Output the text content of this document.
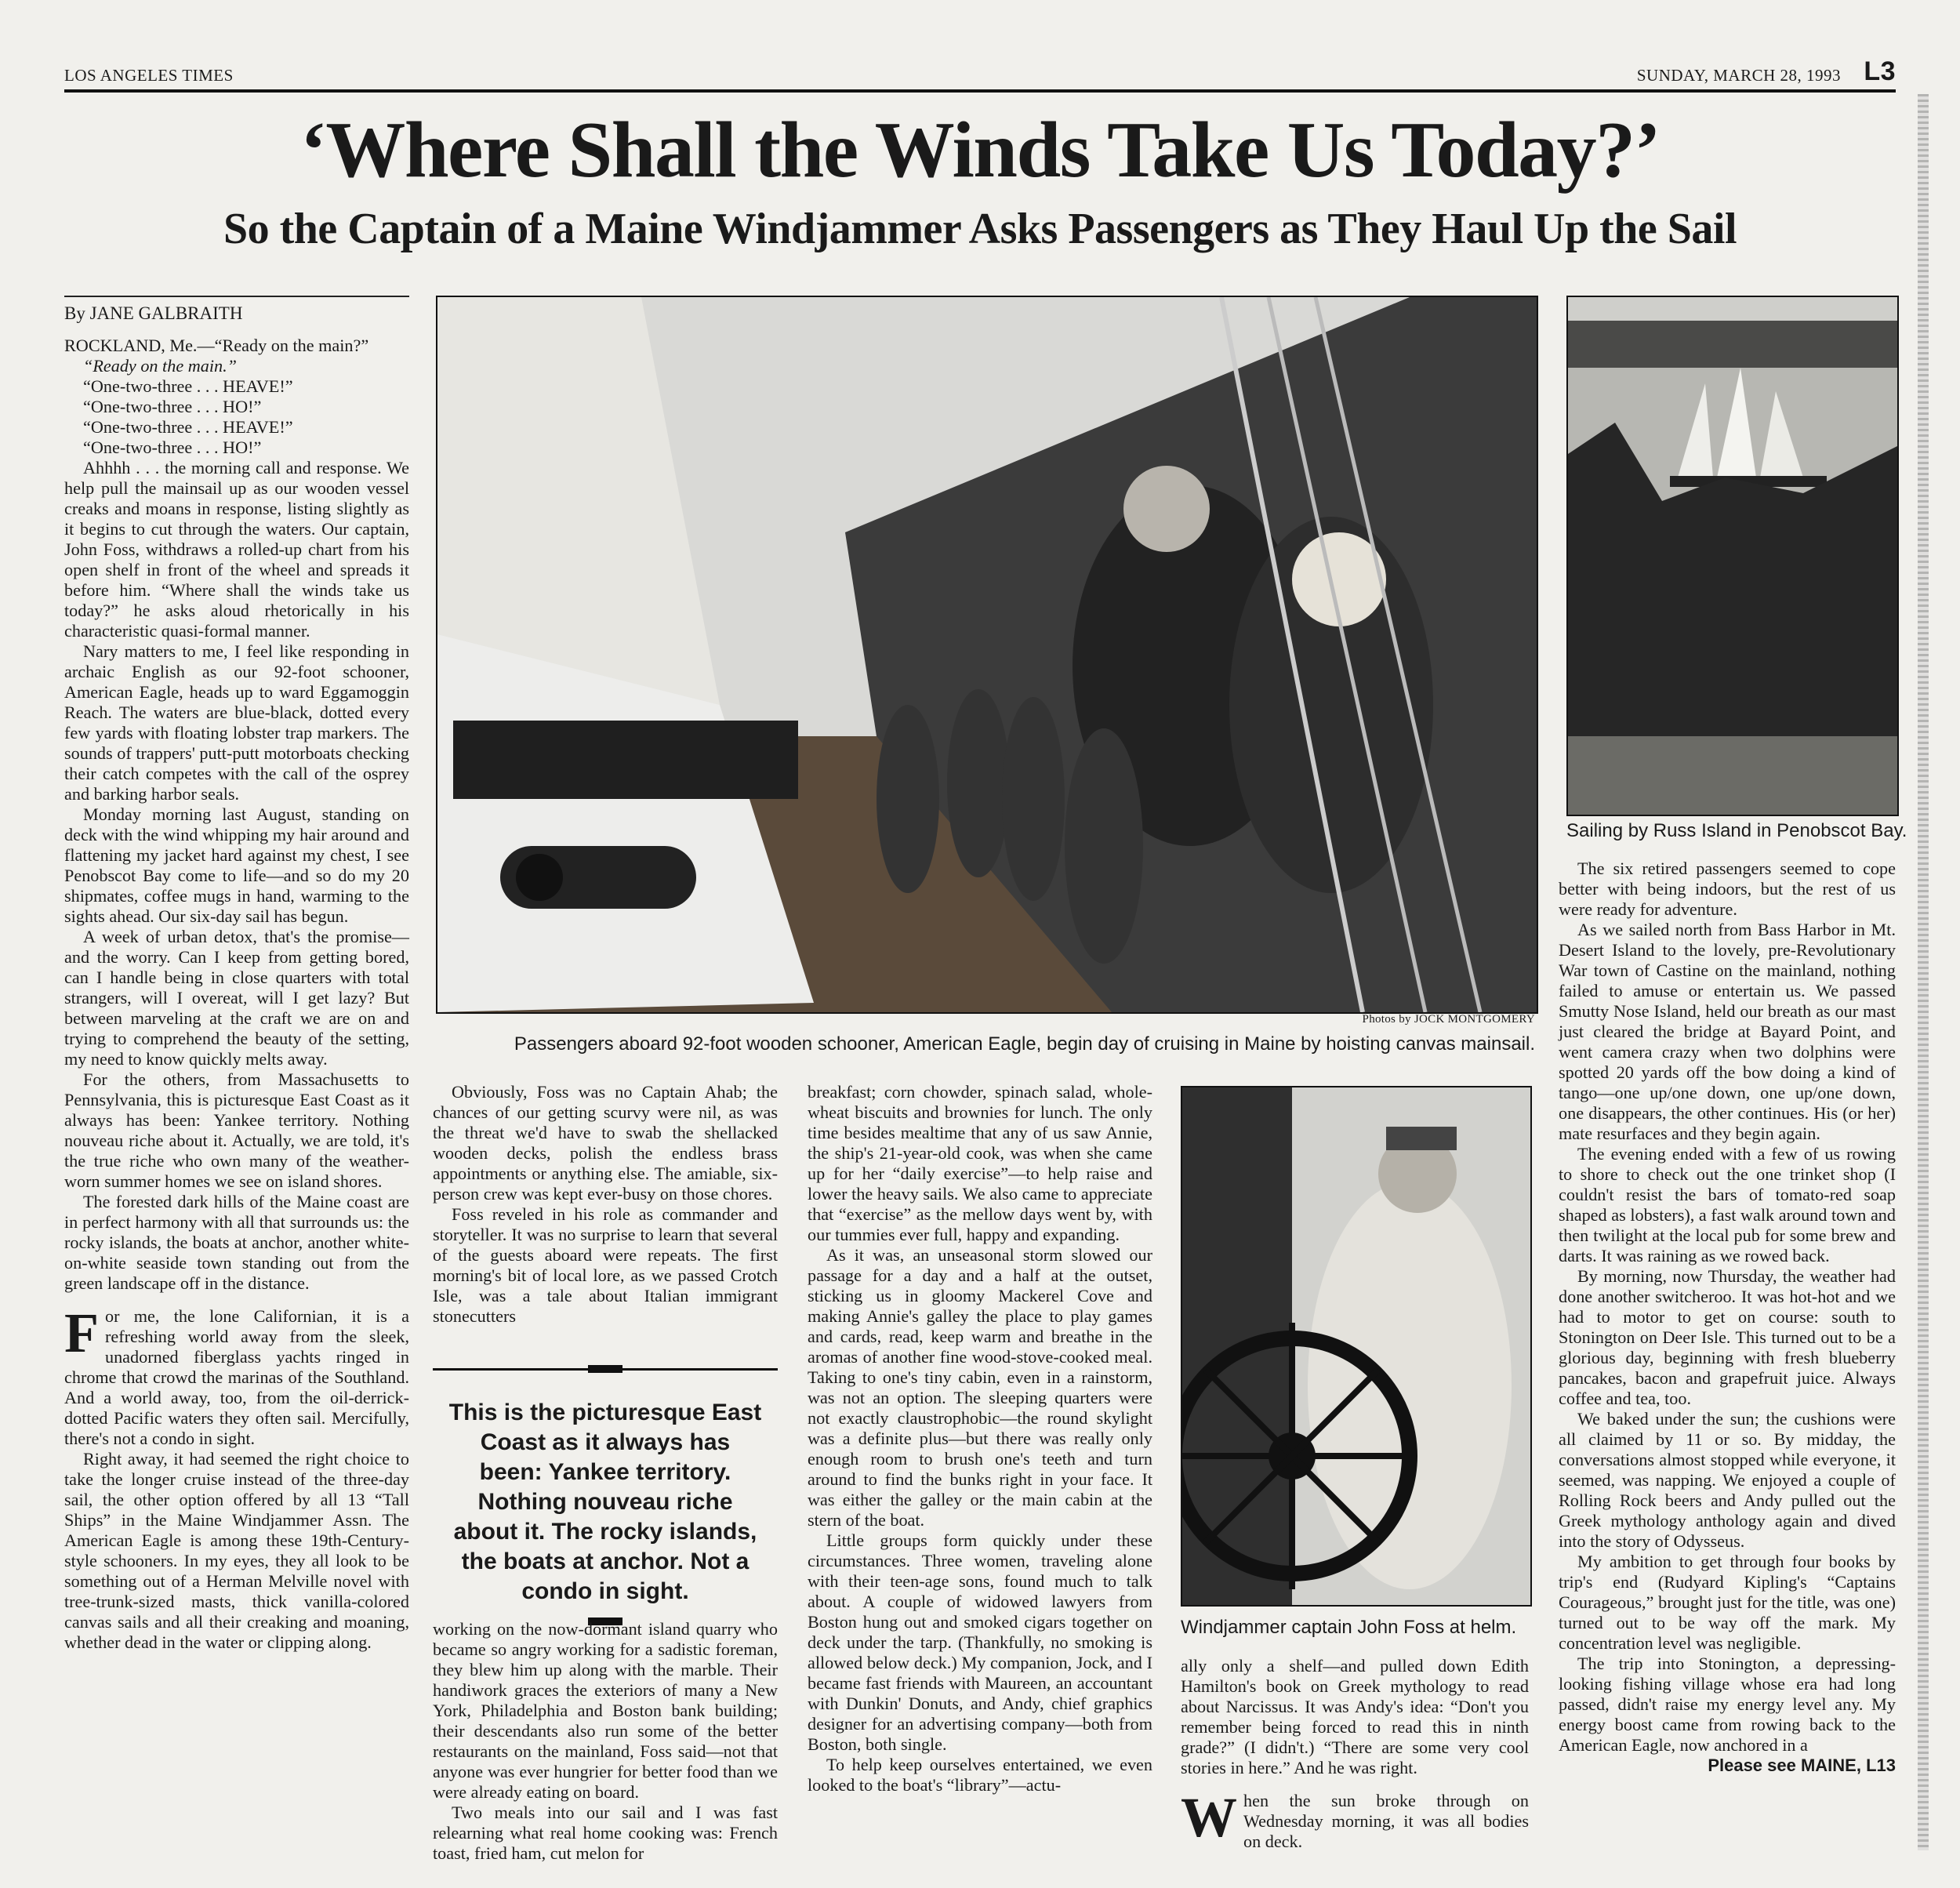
LOS ANGELES TIMES	SUNDAY, MARCH 28, 1993 L3
‘Where Shall the Winds Take Us Today?’
So the Captain of a Maine Windjammer Asks Passengers as They Haul Up the Sail
By JANE GALBRAITH

ROCKLAND, Me.—“Ready on the main?”

“Ready on the main.”

“One-two-three . . . HEAVE!”

“One-two-three . . . HO!”

“One-two-three . . . HEAVE!”

“One-two-three . . . HO!”

Ahhhh . . . the morning call and response. We help pull the mainsail up as our wooden vessel creaks and moans in response, listing slightly as it begins to cut through the waters. Our captain, John Foss, withdraws a rolled-up chart from his open shelf in front of the wheel and spreads it before him. “Where shall the winds take us today?” he asks aloud rhetorically in his characteristic quasi-formal manner.

Nary matters to me, I feel like responding in archaic English as our 92-foot schooner, American Eagle, heads up to ward Eggamoggin Reach. The waters are blue-black, dotted every few yards with floating lobster trap markers. The sounds of trappers' putt-putt motorboats checking their catch competes with the call of the osprey and barking harbor seals.

Monday morning last August, standing on deck with the wind whipping my hair around and flattening my jacket hard against my chest, I see Penobscot Bay come to life—and so do my 20 shipmates, coffee mugs in hand, warming to the sights ahead. Our six-day sail has begun.

A week of urban detox, that's the promise—and the worry. Can I keep from getting bored, can I handle being in close quarters with total strangers, will I overeat, will I get lazy? But between marveling at the craft we are on and trying to comprehend the beauty of the setting, my need to know quickly melts away.

For the others, from Massachusetts to Pennsylvania, this is picturesque East Coast as it always has been: Yankee territory. Nothing nouveau riche about it. Actually, we are told, it's the true riche who own many of the weather-worn summer homes we see on island shores.

The forested dark hills of the Maine coast are in perfect harmony with all that surrounds us: the rocky islands, the boats at anchor, another white-on-white seaside town standing out from the green landscape off in the distance.

For me, the lone Californian, it is a refreshing world away from the sleek, unadorned fiberglass yachts ringed in chrome that crowd the marinas of the Southland. And a world away, too, from the oil-derrick-dotted Pacific waters they often sail. Mercifully, there's not a condo in sight.

Right away, it had seemed the right choice to take the longer cruise instead of the three-day sail, the other option offered by all 13 “Tall Ships” in the Maine Windjammer Assn. The American Eagle is among these 19th-Century-style schooners. In my eyes, they all look to be something out of a Herman Melville novel with tree-trunk-sized masts, thick vanilla-colored canvas sails and all their creaking and moaning, whether dead in the water or clipping along.

Photos by JOCK MONTGOMERY
Passengers aboard 92-foot wooden schooner, American Eagle, begin day of cruising in Maine by hoisting canvas mainsail.
Sailing by Russ Island in Penobscot Bay.

Obviously, Foss was no Captain Ahab; the chances of our getting scurvy were nil, as was the threat we'd have to swab the shellacked wooden decks, polish the endless brass appointments or anything else. The amiable, six-person crew was kept ever-busy on those chores.

Foss reveled in his role as commander and storyteller. It was no surprise to learn that several of the guests aboard were repeats. The first morning's bit of local lore, as we passed Crotch Isle, was a tale about Italian immigrant stonecutters

This is the picturesque East Coast as it always has been: Yankee territory. Nothing nouveau riche about it. The rocky islands, the boats at anchor. Not a condo in sight.

working on the now-dormant island quarry who became so angry working for a sadistic foreman, they blew him up along with the marble. Their handiwork graces the exteriors of many a New York, Philadelphia and Boston bank building; their descendants also run some of the better restaurants on the mainland, Foss said—not that anyone was ever hungrier for better food than we were already eating on board.

Two meals into our sail and I was fast relearning what real home cooking was: French toast, fried ham, cut melon for

breakfast; corn chowder, spinach salad, whole-wheat biscuits and brownies for lunch. The only time besides mealtime that any of us saw Annie, the ship's 21-year-old cook, was when she came up for her “daily exercise”—to help raise and lower the heavy sails. We also came to appreciate that “exercise” as the mellow days went by, with our tummies ever full, happy and expanding.

As it was, an unseasonal storm slowed our passage for a day and a half at the outset, sticking us in gloomy Mackerel Cove and making Annie's galley the place to play games and cards, read, keep warm and breathe in the aromas of another fine wood-stove-cooked meal. Taking to one's tiny cabin, even in a rainstorm, was not an option. The sleeping quarters were not exactly claustrophobic—the round skylight was a definite plus—but there was really only enough room to brush one's teeth and turn around to find the bunks right in your face. It was either the galley or the main cabin at the stern of the boat.

Little groups form quickly under these circumstances. Three women, traveling alone with their teen-age sons, found much to talk about. A couple of widowed lawyers from Boston hung out and smoked cigars together on deck under the tarp. (Thankfully, no smoking is allowed below deck.) My companion, Jock, and I became fast friends with Maureen, an accountant with Dunkin' Donuts, and Andy, chief graphics designer for an advertising company—both from Boston, both single.

To help keep ourselves entertained, we even looked to the boat's “library”—actu-

Windjammer captain John Foss at helm.

ally only a shelf—and pulled down Edith Hamilton's book on Greek mythology to read about Narcissus. It was Andy's idea: “Don't you remember being forced to read this in ninth grade?” (I didn't.) “There are some very cool stories in here.” And he was right.

When the sun broke through on Wednesday morning, it was all bodies on deck.

The six retired passengers seemed to cope better with being indoors, but the rest of us were ready for adventure.

As we sailed north from Bass Harbor in Mt. Desert Island to the lovely, pre-Revolutionary War town of Castine on the mainland, nothing failed to amuse or entertain us. We passed Smutty Nose Island, held our breath as our mast just cleared the bridge at Bayard Point, and went camera crazy when two dolphins were spotted 20 yards off the bow doing a kind of tango—one up/one down, one up/one down, one disappears, the other continues. His (or her) mate resurfaces and they begin again.

The evening ended with a few of us rowing to shore to check out the one trinket shop (I couldn't resist the bars of tomato-red soap shaped as lobsters), a fast walk around town and then twilight at the local pub for some brew and darts. It was raining as we rowed back.

By morning, now Thursday, the weather had done another switcheroo. It was hot-hot and we had to motor to get on course: south to Stonington on Deer Isle. This turned out to be a glorious day, beginning with fresh blueberry pancakes, bacon and grapefruit juice. Always coffee and tea, too.

We baked under the sun; the cushions were all claimed by 11 or so. By midday, the conversations almost stopped while everyone, it seemed, was napping. We enjoyed a couple of Rolling Rock beers and Andy pulled out the Greek mythology anthology again and dived into the story of Odysseus.

My ambition to get through four books by trip's end (Rudyard Kipling's “Captains Courageous,” brought just for the title, was one) turned out to be way off the mark. My concentration level was negligible.

The trip into Stonington, a depressing-looking fishing village whose era had long passed, didn't raise my energy level any. My energy boost came from rowing back to the American Eagle, now anchored in a

Please see MAINE, L13
